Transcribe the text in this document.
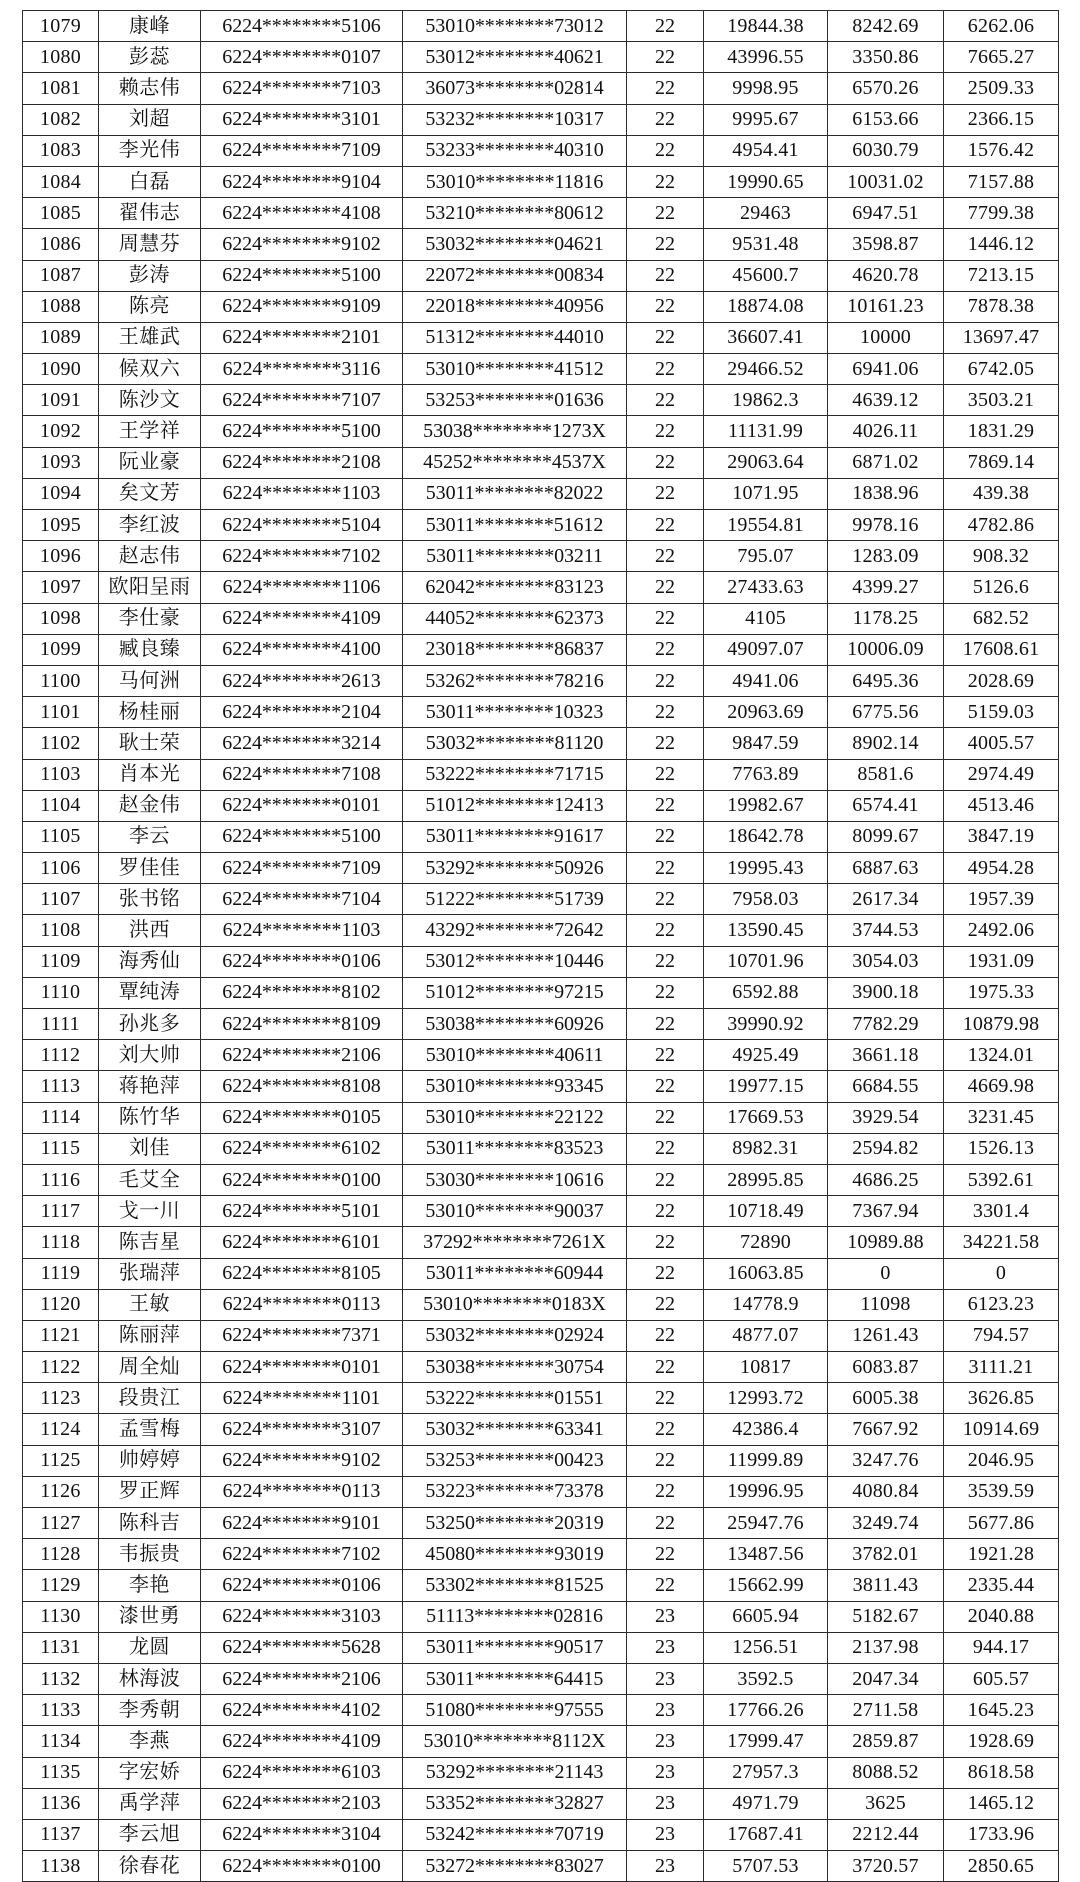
1079	康峰	6224********5106	53010********73012	22	19844.38	8242.69	6262.06
1080	彭蕊	6224********0107	53012********40621	22	43996.55	3350.86	7665.27
1081	赖志伟	6224********7103	36073********02814	22	9998.95	6570.26	2509.33
1082	刘超	6224********3101	53232********10317	22	9995.67	6153.66	2366.15
1083	李光伟	6224********7109	53233********40310	22	4954.41	6030.79	1576.42
1084	白磊	6224********9104	53010********11816	22	19990.65	10031.02	7157.88
1085	翟伟志	6224********4108	53210********80612	22	29463	6947.51	7799.38
1086	周慧芬	6224********9102	53032********04621	22	9531.48	3598.87	1446.12
1087	彭涛	6224********5100	22072********00834	22	45600.7	4620.78	7213.15
1088	陈亮	6224********9109	22018********40956	22	18874.08	10161.23	7878.38
1089	王雄武	6224********2101	51312********44010	22	36607.41	10000	13697.47
1090	候双六	6224********3116	53010********41512	22	29466.52	6941.06	6742.05
1091	陈沙文	6224********7107	53253********01636	22	19862.3	4639.12	3503.21
1092	王学祥	6224********5100	53038********1273X	22	11131.99	4026.11	1831.29
1093	阮业豪	6224********2108	45252********4537X	22	29063.64	6871.02	7869.14
1094	矣文芳	6224********1103	53011********82022	22	1071.95	1838.96	439.38
1095	李红波	6224********5104	53011********51612	22	19554.81	9978.16	4782.86
1096	赵志伟	6224********7102	53011********03211	22	795.07	1283.09	908.32
1097	欧阳呈雨	6224********1106	62042********83123	22	27433.63	4399.27	5126.6
1098	李仕豪	6224********4109	44052********62373	22	4105	1178.25	682.52
1099	臧良臻	6224********4100	23018********86837	22	49097.07	10006.09	17608.61
1100	马何洲	6224********2613	53262********78216	22	4941.06	6495.36	2028.69
1101	杨桂丽	6224********2104	53011********10323	22	20963.69	6775.56	5159.03
1102	耿士荣	6224********3214	53032********81120	22	9847.59	8902.14	4005.57
1103	肖本光	6224********7108	53222********71715	22	7763.89	8581.6	2974.49
1104	赵金伟	6224********0101	51012********12413	22	19982.67	6574.41	4513.46
1105	李云	6224********5100	53011********91617	22	18642.78	8099.67	3847.19
1106	罗佳佳	6224********7109	53292********50926	22	19995.43	6887.63	4954.28
1107	张书铭	6224********7104	51222********51739	22	7958.03	2617.34	1957.39
1108	洪西	6224********1103	43292********72642	22	13590.45	3744.53	2492.06
1109	海秀仙	6224********0106	53012********10446	22	10701.96	3054.03	1931.09
1110	覃纯涛	6224********8102	51012********97215	22	6592.88	3900.18	1975.33
1111	孙兆多	6224********8109	53038********60926	22	39990.92	7782.29	10879.98
1112	刘大帅	6224********2106	53010********40611	22	4925.49	3661.18	1324.01
1113	蒋艳萍	6224********8108	53010********93345	22	19977.15	6684.55	4669.98
1114	陈竹华	6224********0105	53010********22122	22	17669.53	3929.54	3231.45
1115	刘佳	6224********6102	53011********83523	22	8982.31	2594.82	1526.13
1116	毛艾全	6224********0100	53030********10616	22	28995.85	4686.25	5392.61
1117	戈一川	6224********5101	53010********90037	22	10718.49	7367.94	3301.4
1118	陈吉星	6224********6101	37292********7261X	22	72890	10989.88	34221.58
1119	张瑞萍	6224********8105	53011********60944	22	16063.85	0	0
1120	王敏	6224********0113	53010********0183X	22	14778.9	11098	6123.23
1121	陈丽萍	6224********7371	53032********02924	22	4877.07	1261.43	794.57
1122	周全灿	6224********0101	53038********30754	22	10817	6083.87	3111.21
1123	段贵江	6224********1101	53222********01551	22	12993.72	6005.38	3626.85
1124	孟雪梅	6224********3107	53032********63341	22	42386.4	7667.92	10914.69
1125	帅婷婷	6224********9102	53253********00423	22	11999.89	3247.76	2046.95
1126	罗正辉	6224********0113	53223********73378	22	19996.95	4080.84	3539.59
1127	陈科吉	6224********9101	53250********20319	22	25947.76	3249.74	5677.86
1128	韦振贵	6224********7102	45080********93019	22	13487.56	3782.01	1921.28
1129	李艳	6224********0106	53302********81525	22	15662.99	3811.43	2335.44
1130	漆世勇	6224********3103	51113********02816	23	6605.94	5182.67	2040.88
1131	龙圆	6224********5628	53011********90517	23	1256.51	2137.98	944.17
1132	林海波	6224********2106	53011********64415	23	3592.5	2047.34	605.57
1133	李秀朝	6224********4102	51080********97555	23	17766.26	2711.58	1645.23
1134	李燕	6224********4109	53010********8112X	23	17999.47	2859.87	1928.69
1135	字宏娇	6224********6103	53292********21143	23	27957.3	8088.52	8618.58
1136	禹学萍	6224********2103	53352********32827	23	4971.79	3625	1465.12
1137	李云旭	6224********3104	53242********70719	23	17687.41	2212.44	1733.96
1138	徐春花	6224********0100	53272********83027	23	5707.53	3720.57	2850.65
